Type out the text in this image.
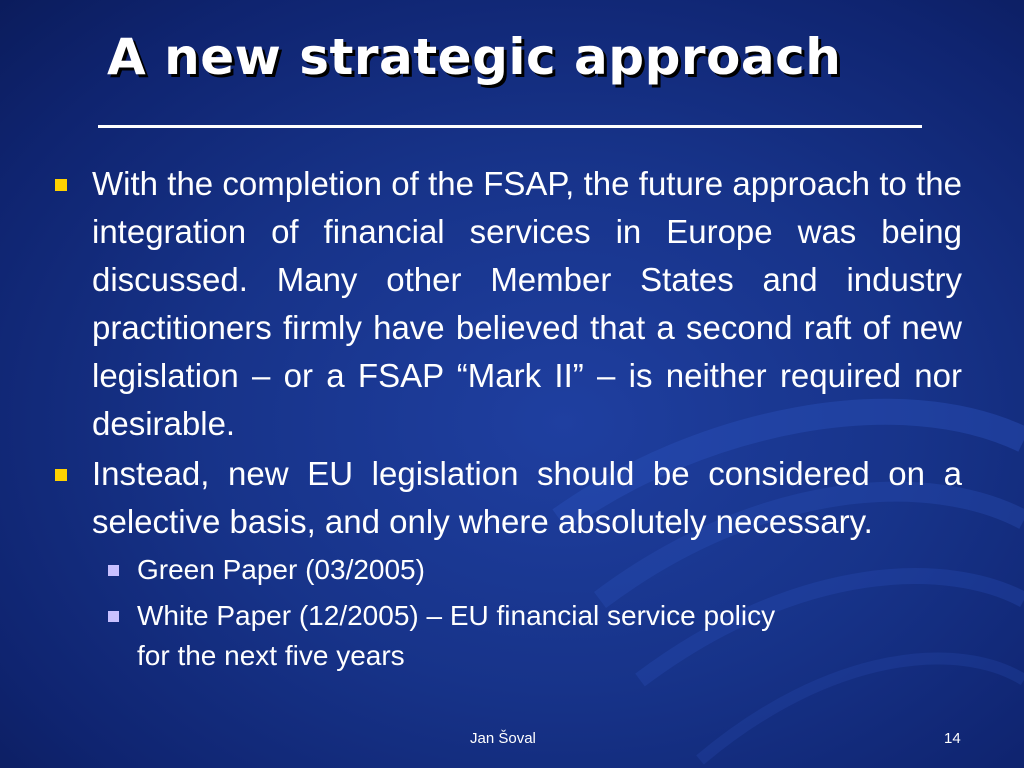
A new strategic approach
With the completion of the FSAP, the future approach to the integration of financial services in Europe was being discussed. Many other Member States and industry practitioners firmly have believed that a second raft of new legislation – or a FSAP “Mark II” – is neither required nor desirable.
Instead, new EU legislation should be considered on a selective basis, and only where absolutely necessary.
Green Paper (03/2005)
White Paper (12/2005) – EU financial service policy
for the next five years
Jan Šoval	14
